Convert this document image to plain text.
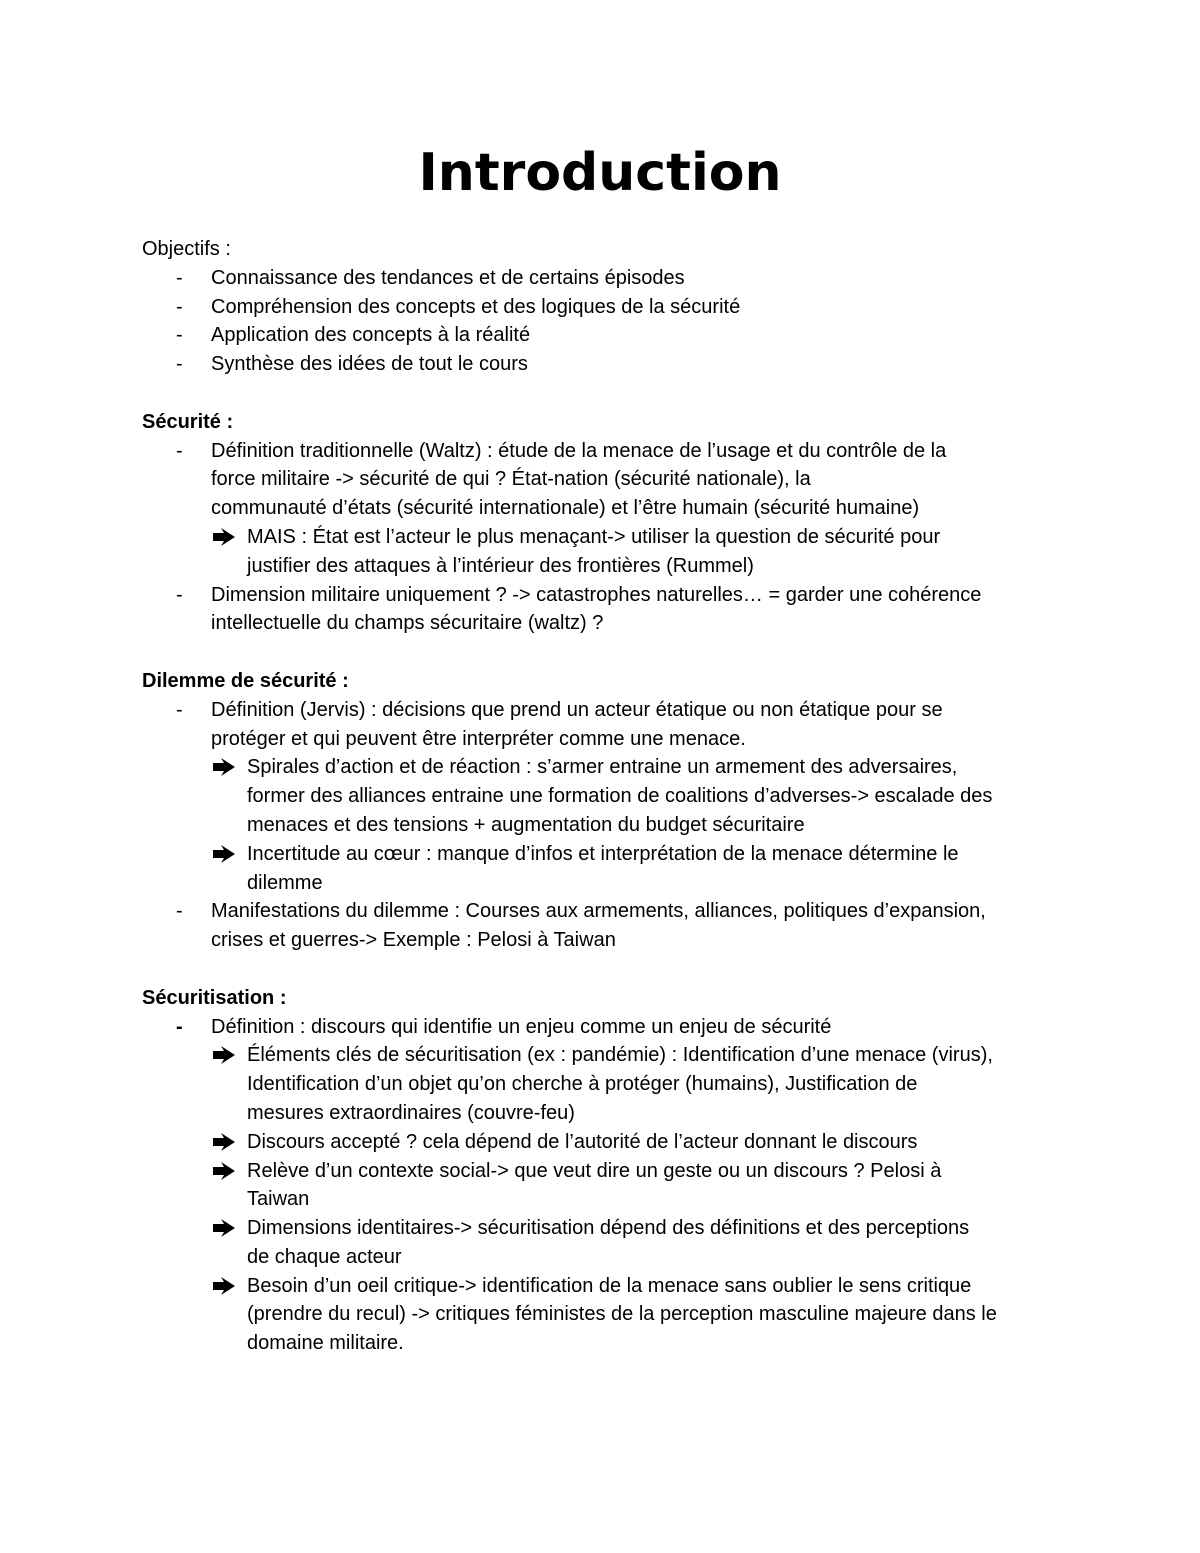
Introduction
Objectifs :
- Connaissance des tendances et de certains épisodes
- Compréhension des concepts et des logiques de la sécurité
- Application des concepts à la réalité
- Synthèse des idées de tout le cours
Sécurité :
- Définition traditionnelle (Waltz) : étude de la menace de l’usage et du contrôle de la
force militaire -> sécurité de qui ? État-nation (sécurité nationale), la
communauté d’états (sécurité internationale) et l’être humain (sécurité humaine)
MAIS : État est l’acteur le plus menaçant-> utiliser la question de sécurité pour
justifier des attaques à l’intérieur des frontières (Rummel)
- Dimension militaire uniquement ? -> catastrophes naturelles… = garder une cohérence
intellectuelle du champs sécuritaire (waltz) ?
Dilemme de sécurité :
- Définition (Jervis) : décisions que prend un acteur étatique ou non étatique pour se
protéger et qui peuvent être interpréter comme une menace.
Spirales d’action et de réaction : s’armer entraine un armement des adversaires,
former des alliances entraine une formation de coalitions d’adverses-> escalade des
menaces et des tensions + augmentation du budget sécuritaire
Incertitude au cœur : manque d’infos et interprétation de la menace détermine le
dilemme
- Manifestations du dilemme : Courses aux armements, alliances, politiques d’expansion,
crises et guerres-> Exemple : Pelosi à Taiwan
Sécuritisation :
- Définition : discours qui identifie un enjeu comme un enjeu de sécurité
Éléments clés de sécuritisation (ex : pandémie) : Identification d’une menace (virus),
Identification d’un objet qu’on cherche à protéger (humains), Justification de
mesures extraordinaires (couvre-feu)
Discours accepté ? cela dépend de l’autorité de l’acteur donnant le discours
Relève d’un contexte social-> que veut dire un geste ou un discours ? Pelosi à
Taiwan
Dimensions identitaires-> sécuritisation dépend des définitions et des perceptions
de chaque acteur
Besoin d’un oeil critique-> identification de la menace sans oublier le sens critique
(prendre du recul) -> critiques féministes de la perception masculine majeure dans le
domaine militaire.
